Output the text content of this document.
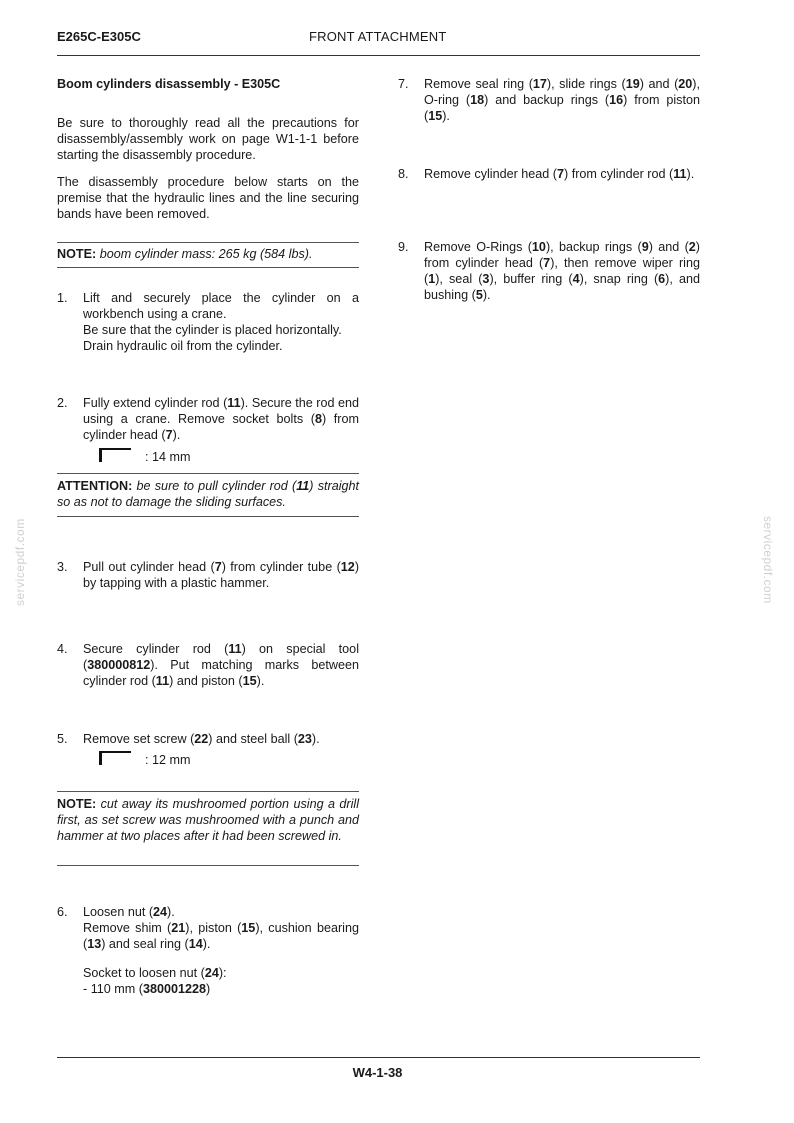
E265C-E305C	FRONT ATTACHMENT
servicepdf.com	servicepdf.com
Boom cylinders disassembly - E305C
Be sure to thoroughly read all the precautions for disassembly/assembly work on page W1-1-1 before starting the disassembly procedure.
The disassembly procedure below starts on the premise that the hydraulic lines and the line securing bands have been removed.
NOTE: boom cylinder mass: 265 kg (584 lbs).
1. Lift and securely place the cylinder on a workbench using a crane.
Be sure that the cylinder is placed horizontally.
Drain hydraulic oil from the cylinder.
2. Fully extend cylinder rod (11). Secure the rod end using a crane. Remove socket bolts (8) from cylinder head (7).
: 14 mm
ATTENTION: be sure to pull cylinder rod (11) straight so as not to damage the sliding surfaces.
3. Pull out cylinder head (7) from cylinder tube (12) by tapping with a plastic hammer.
4. Secure cylinder rod (11) on special tool (380000812). Put matching marks between cylinder rod (11) and piston (15).
5. Remove set screw (22) and steel ball (23).
: 12 mm
NOTE: cut away its mushroomed portion using a drill first, as set screw was mushroomed with a punch and hammer at two places after it had been screwed in.
6. Loosen nut (24).
Remove shim (21), piston (15), cushion bearing (13) and seal ring (14).
Socket to loosen nut (24):
- 110 mm (380001228)
7. Remove seal ring (17), slide rings (19) and (20), O-ring (18) and backup rings (16) from piston (15).
8. Remove cylinder head (7) from cylinder rod (11).
9. Remove O-Rings (10), backup rings (9) and (2) from cylinder head (7), then remove wiper ring (1), seal (3), buffer ring (4), snap ring (6), and bushing (5).
W4-1-38
